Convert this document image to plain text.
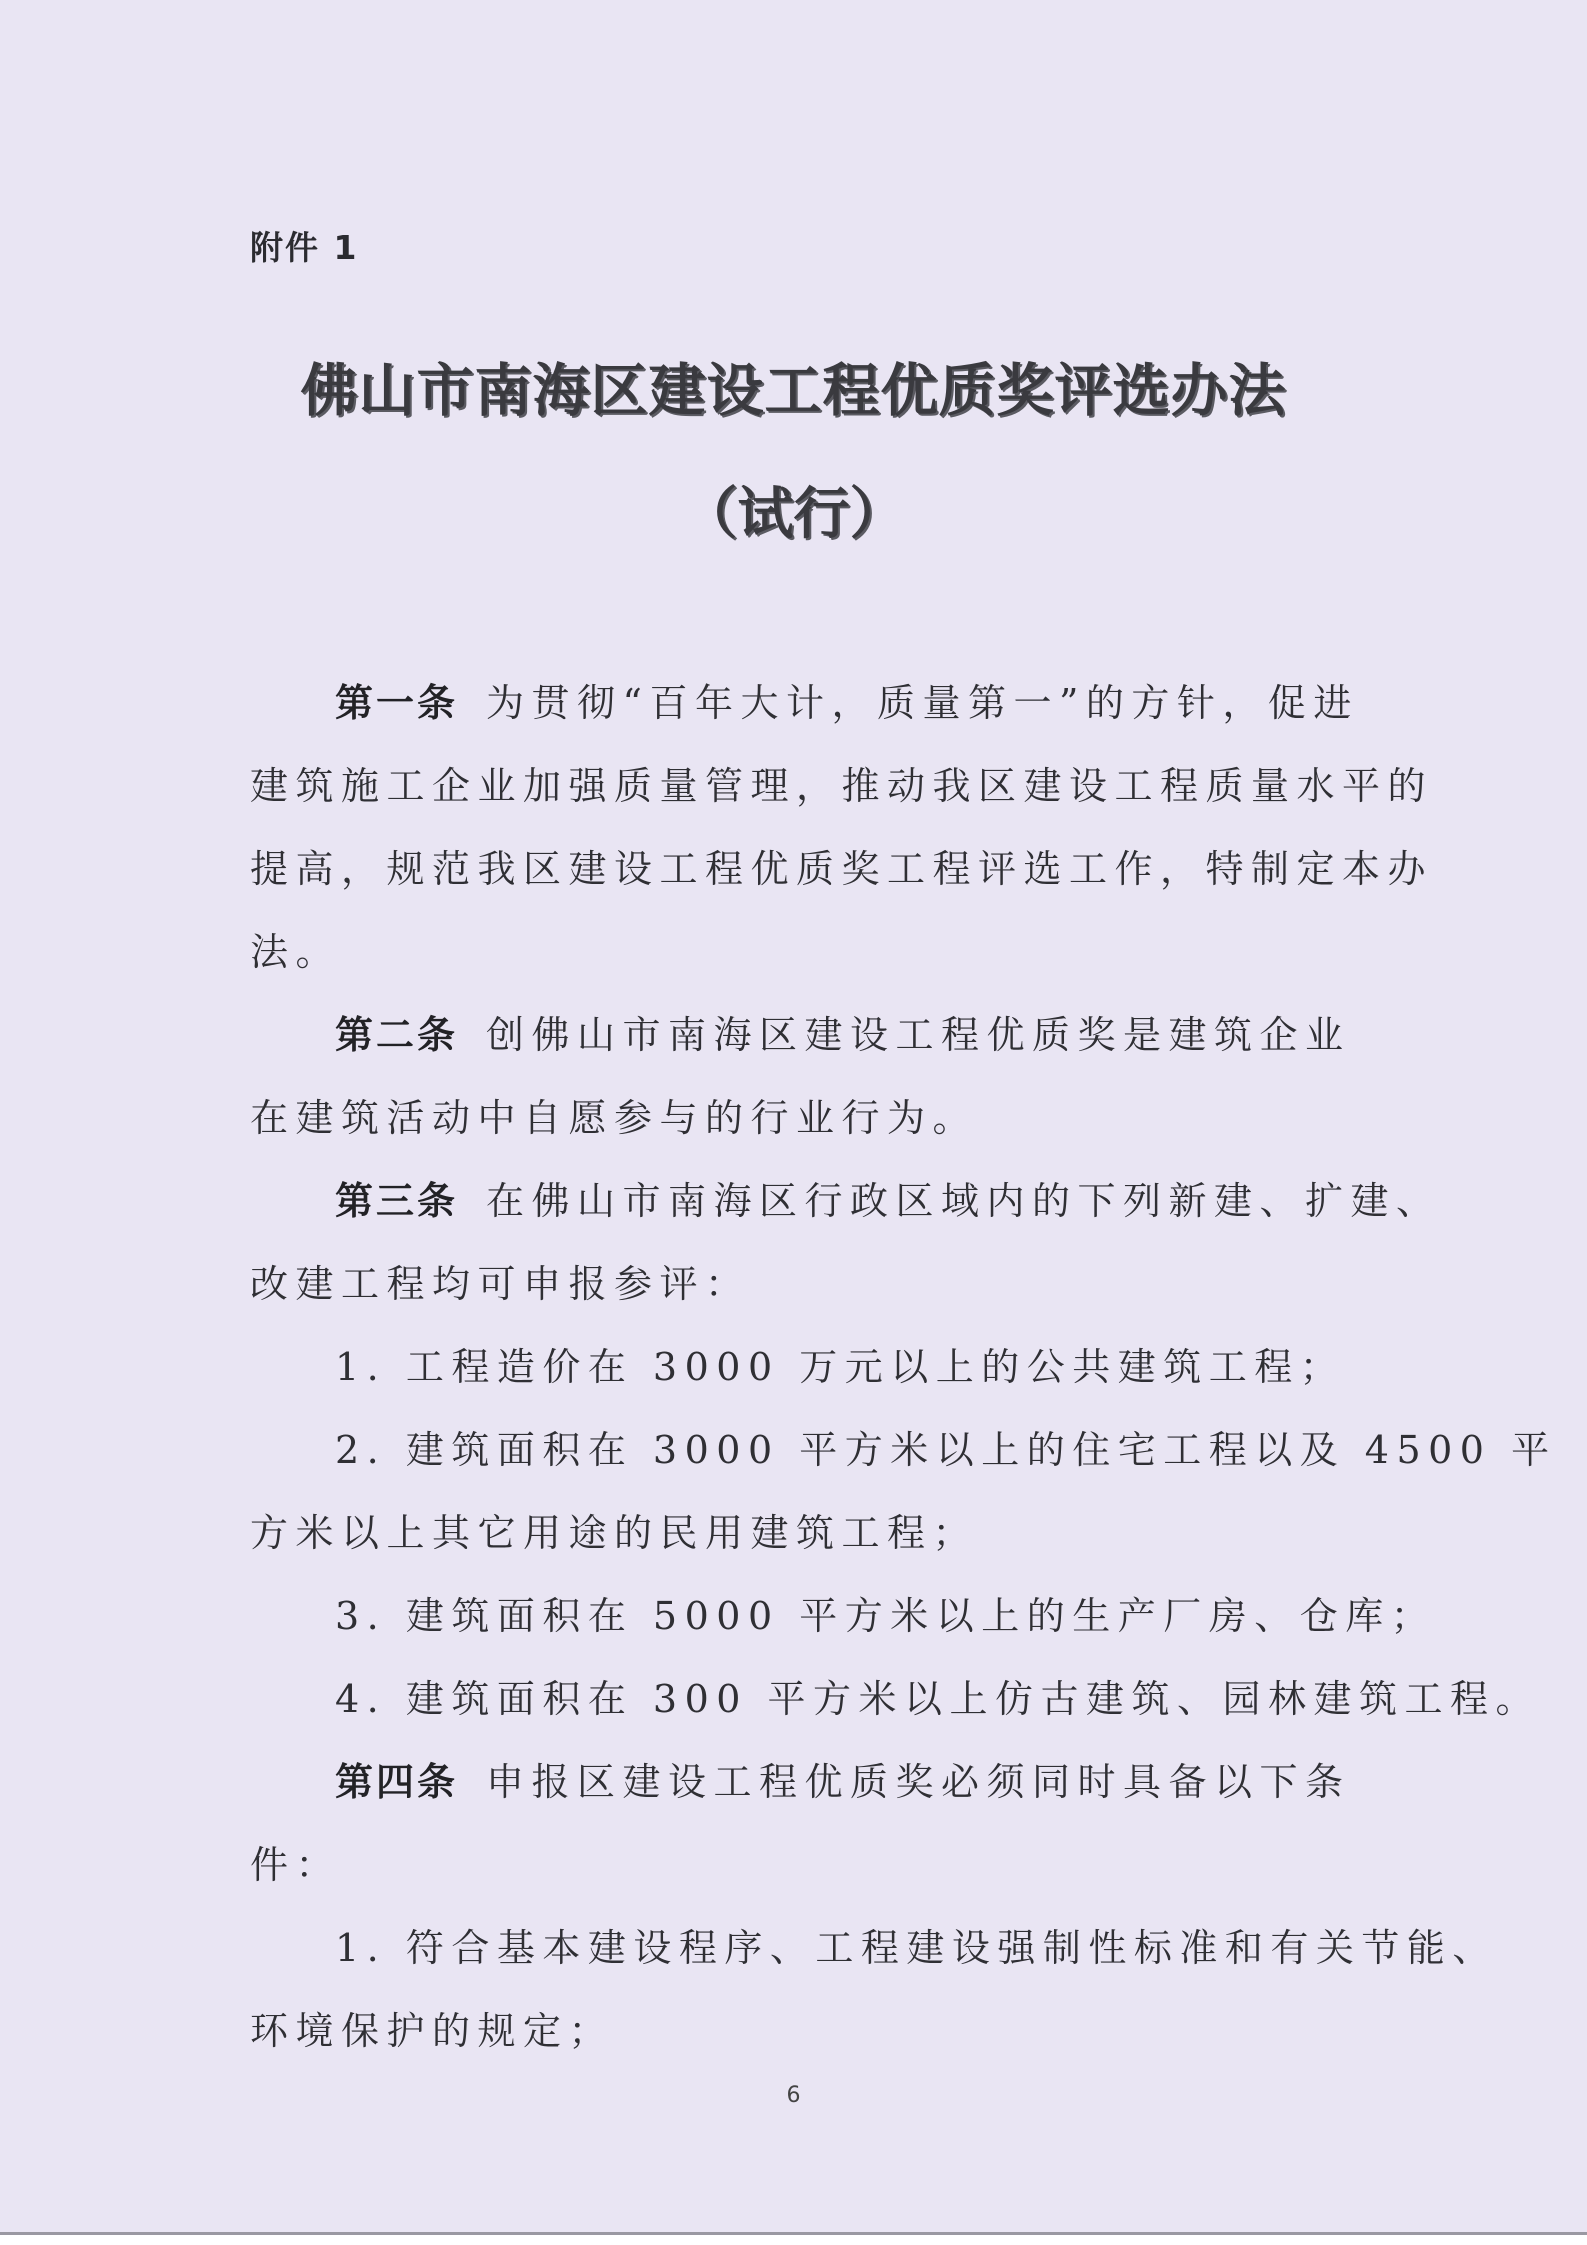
附件 1
佛山市南海区建设工程优质奖评选办法
（试行）
第一条 为贯彻“百年大计，质量第一”的方针，促进
建筑施工企业加强质量管理，推动我区建设工程质量水平的
提高，规范我区建设工程优质奖工程评选工作，特制定本办
法。
第二条 创佛山市南海区建设工程优质奖是建筑企业
在建筑活动中自愿参与的行业行为。
第三条 在佛山市南海区行政区域内的下列新建、扩建、
改建工程均可申报参评：
1. 工程造价在 3000 万元以上的公共建筑工程；
2. 建筑面积在 3000 平方米以上的住宅工程以及 4500 平
方米以上其它用途的民用建筑工程；
3. 建筑面积在 5000 平方米以上的生产厂房、仓库；
4. 建筑面积在 300 平方米以上仿古建筑、园林建筑工程。
第四条 申报区建设工程优质奖必须同时具备以下条
件：
1. 符合基本建设程序、工程建设强制性标准和有关节能、
环境保护的规定；
6
